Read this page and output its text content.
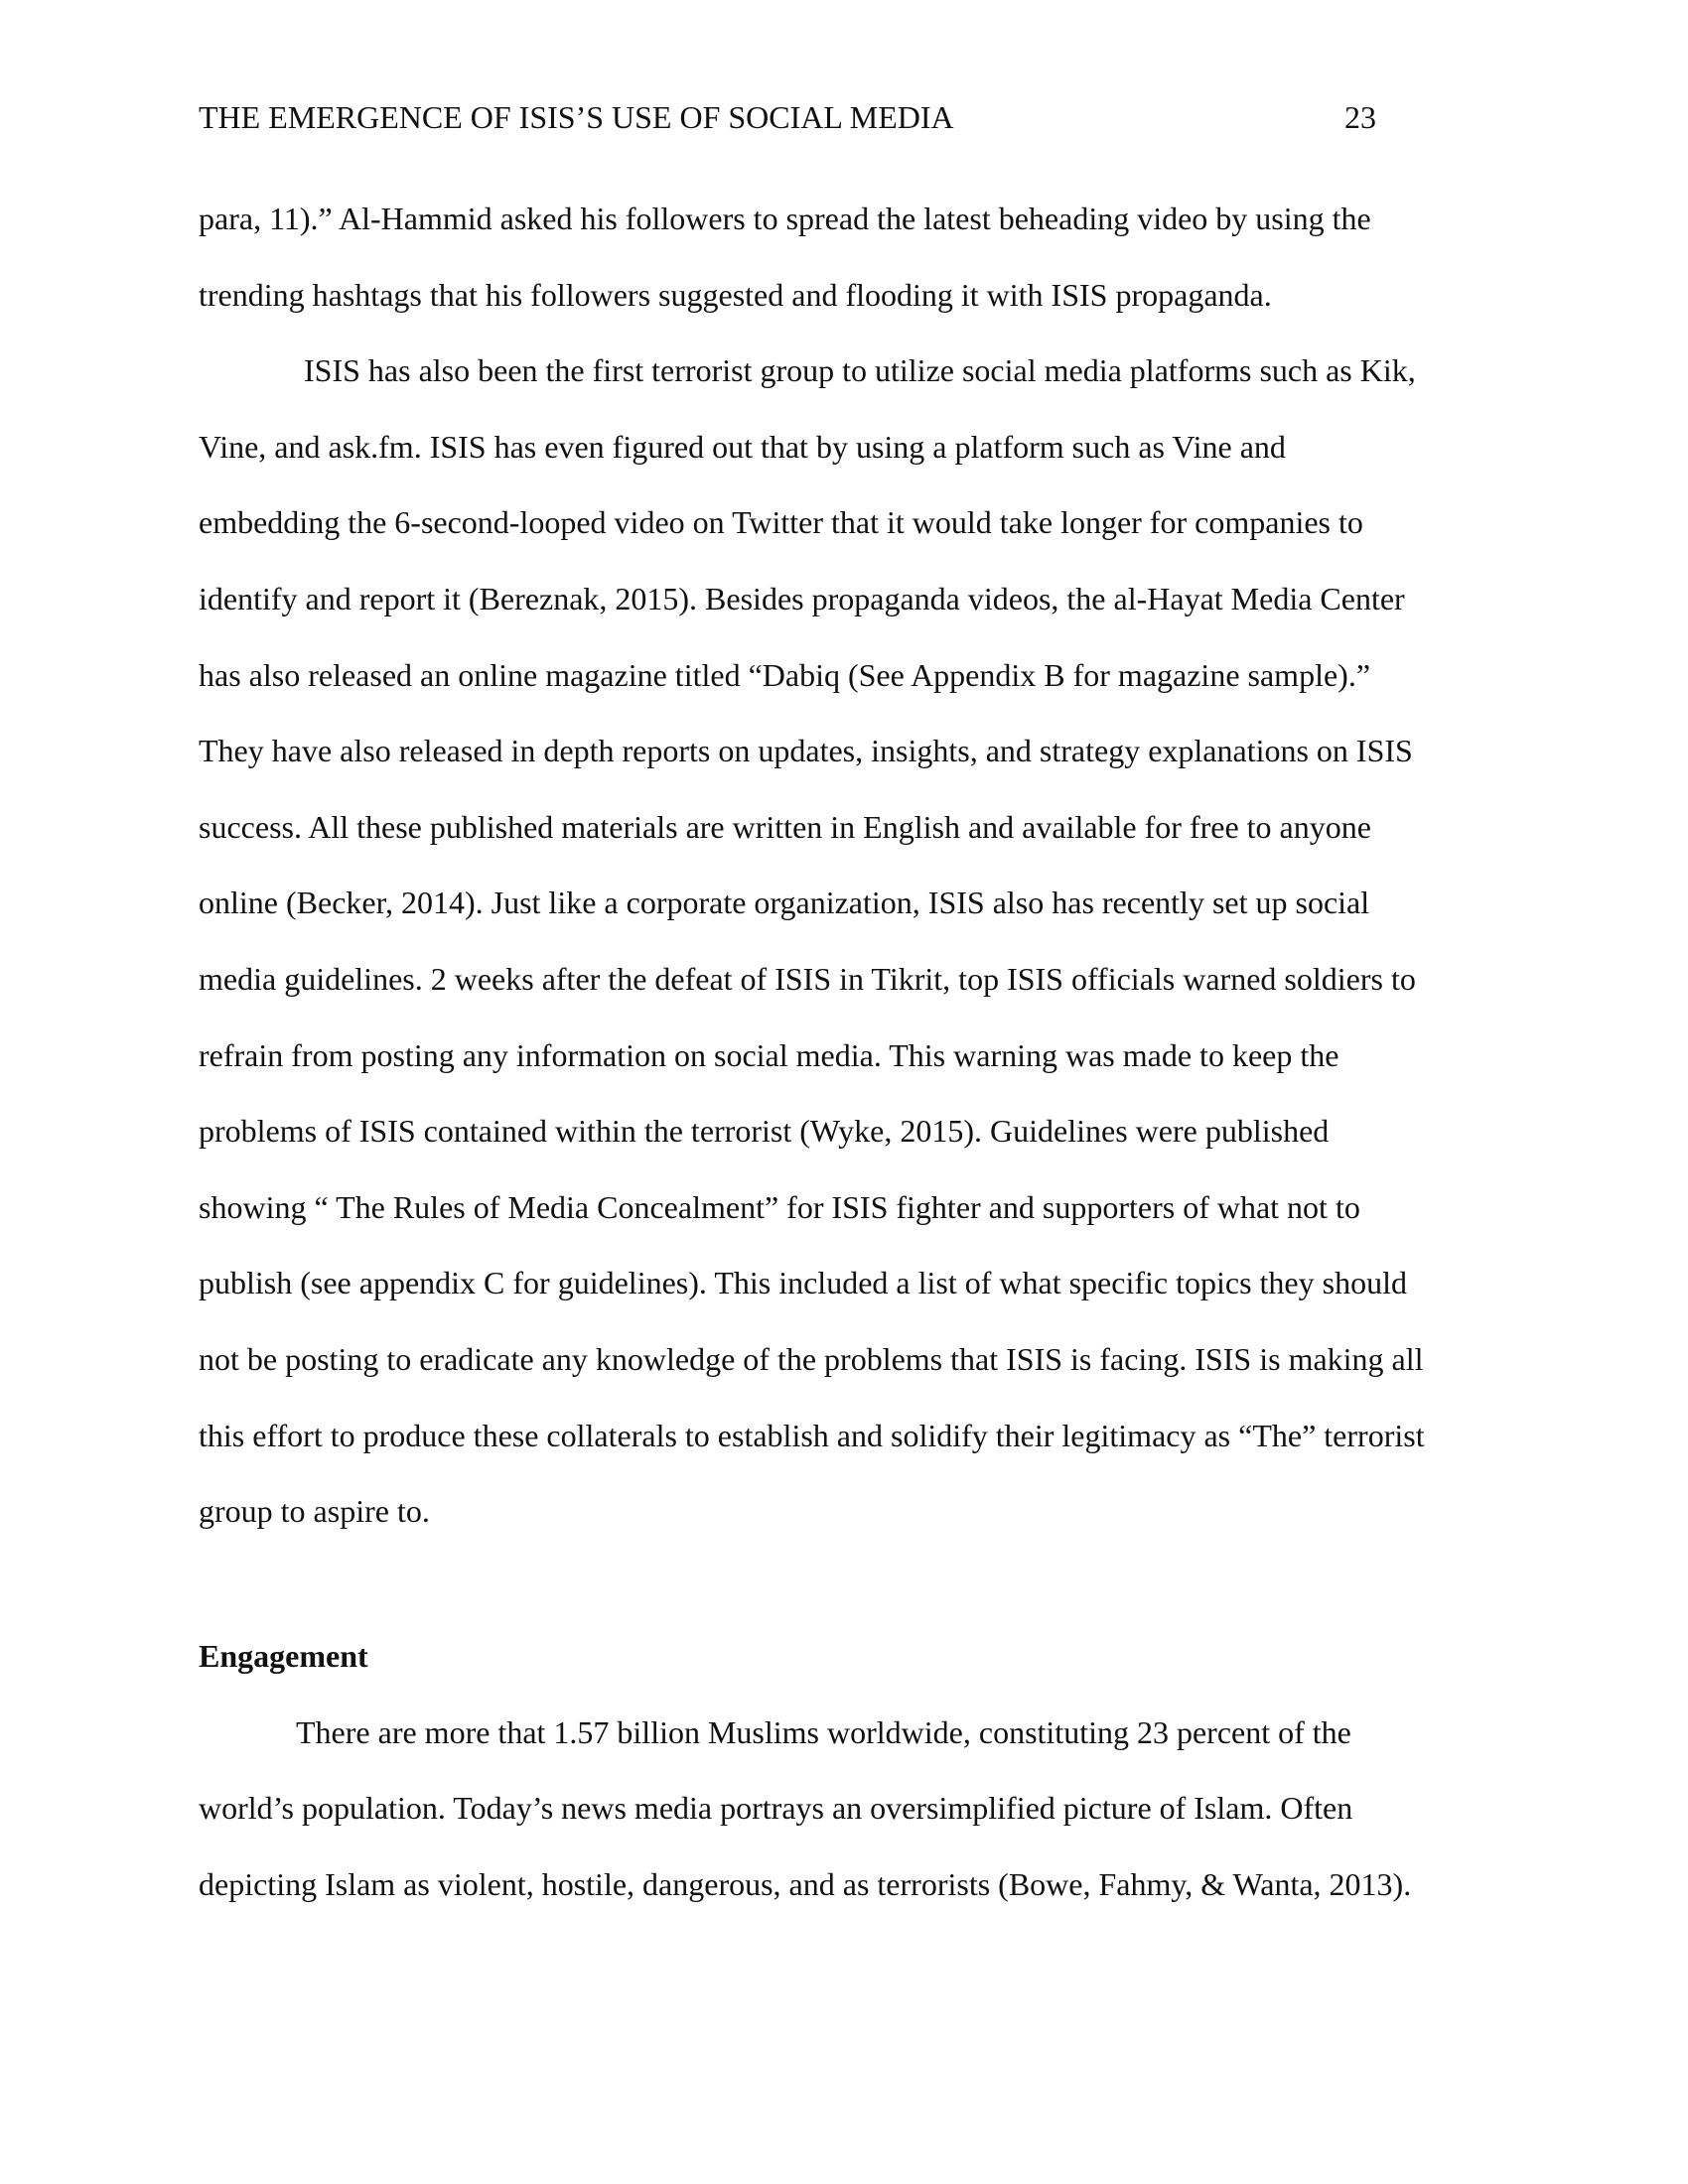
THE EMERGENCE OF ISIS’S USE OF SOCIAL MEDIA	23
para, 11).” Al-Hammid asked his followers to spread the latest beheading video by using the
trending hashtags that his followers suggested and flooding it with ISIS propaganda.
ISIS has also been the first terrorist group to utilize social media platforms such as Kik,
Vine, and ask.fm. ISIS has even figured out that by using a platform such as Vine and
embedding the 6-second-looped video on Twitter that it would take longer for companies to
identify and report it (Bereznak, 2015). Besides propaganda videos, the al-Hayat Media Center
has also released an online magazine titled “Dabiq (See Appendix B for magazine sample).”
They have also released in depth reports on updates, insights, and strategy explanations on ISIS
success. All these published materials are written in English and available for free to anyone
online (Becker, 2014). Just like a corporate organization, ISIS also has recently set up social
media guidelines. 2 weeks after the defeat of ISIS in Tikrit, top ISIS officials warned soldiers to
refrain from posting any information on social media. This warning was made to keep the
problems of ISIS contained within the terrorist (Wyke, 2015). Guidelines were published
showing “ The Rules of Media Concealment” for ISIS fighter and supporters of what not to
publish (see appendix C for guidelines). This included a list of what specific topics they should
not be posting to eradicate any knowledge of the problems that ISIS is facing. ISIS is making all
this effort to produce these collaterals to establish and solidify their legitimacy as “The” terrorist
group to aspire to.
Engagement
There are more that 1.57 billion Muslims worldwide, constituting 23 percent of the
world’s population. Today’s news media portrays an oversimplified picture of Islam. Often
depicting Islam as violent, hostile, dangerous, and as terrorists (Bowe, Fahmy, & Wanta, 2013).
